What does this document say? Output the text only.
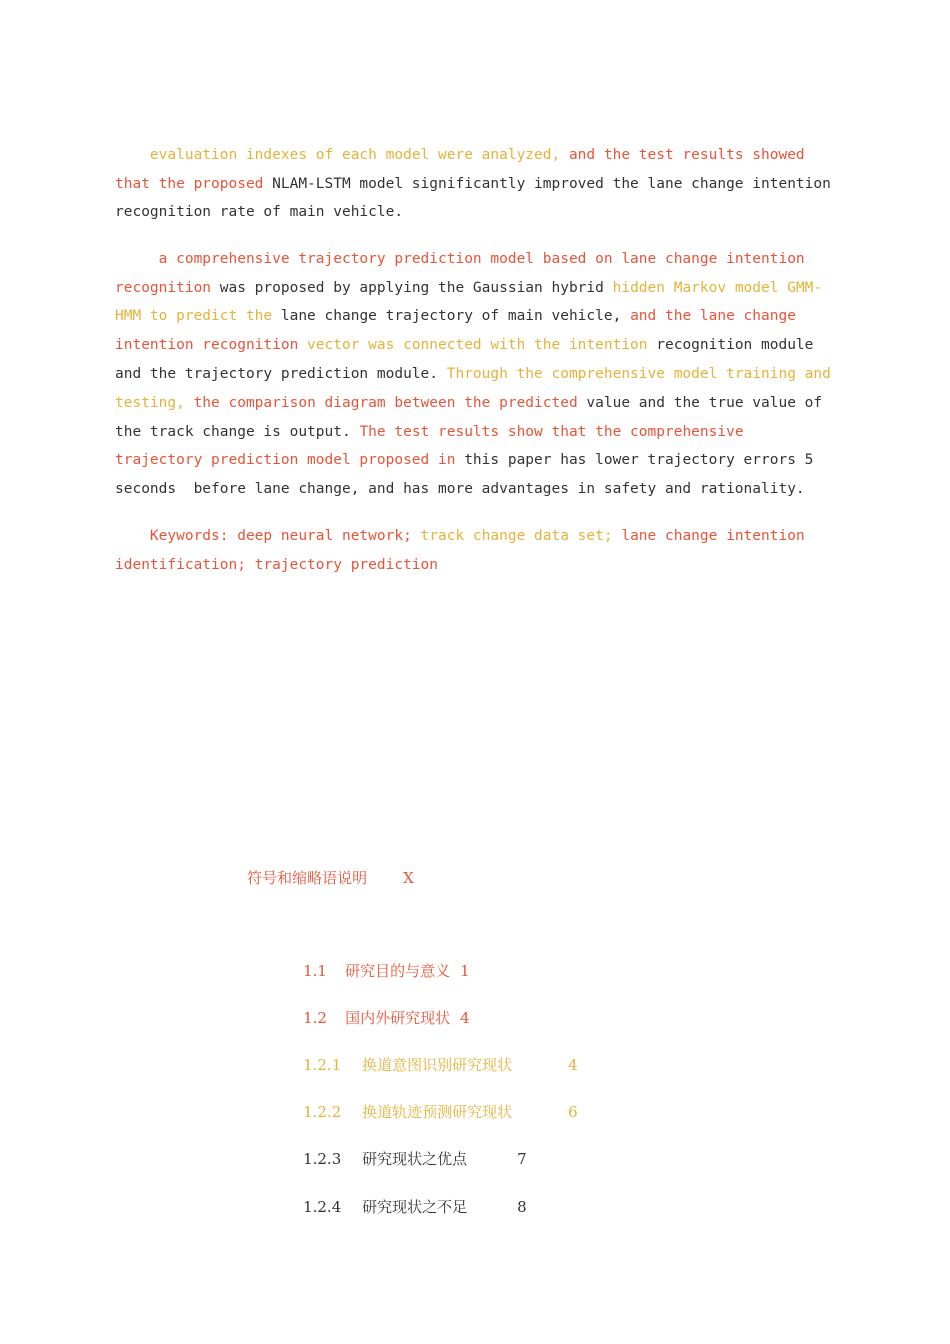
evaluation indexes of each model were analyzed, and the test results showed that the proposed NLAM-LSTM model significantly improved the lane change intention recognition rate of main vehicle.

a comprehensive trajectory prediction model based on lane change intention recognition was proposed by applying the Gaussian hybrid hidden Markov model GMM-HMM to predict the lane change trajectory of main vehicle, and the lane change intention recognition vector was connected with the intention recognition module and the trajectory prediction module. Through the comprehensive model training and testing, the comparison diagram between the predicted value and the true value of the track change is output. The test results show that the comprehensive trajectory prediction model proposed in this paper has lower trajectory errors 5 seconds  before lane change, and has more advantages in safety and rationality.

Keywords: deep neural network; track change data set; lane change intention identification; trajectory prediction

符号和缩略语说明 X

1.1 研究目的与意义 1

1.2 国内外研究现状 4

1.2.1 换道意图识别研究现状	4

1.2.2 换道轨迹预测研究现状	6

1.2.3 研究现状之优点	7

1.2.4 研究现状之不足	8
